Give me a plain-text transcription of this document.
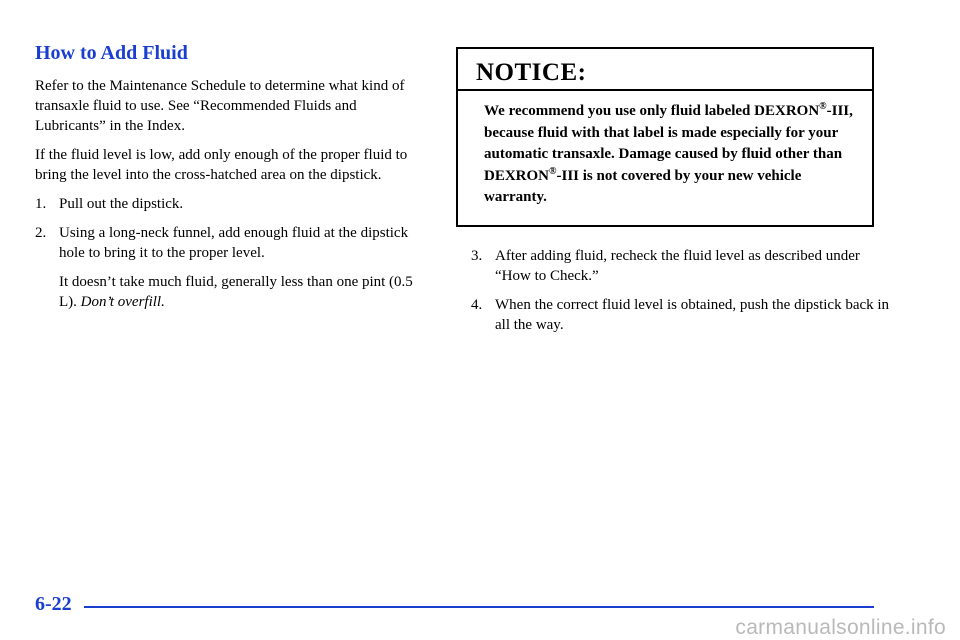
How to Add Fluid

Refer to the Maintenance Schedule to determine what kind of transaxle fluid to use. See “Recommended Fluids and Lubricants” in the Index.

If the fluid level is low, add only enough of the proper fluid to bring the level into the cross-hatched area on the dipstick.

1. Pull out the dipstick.
2. Using a long-neck funnel, add enough fluid at the dipstick hole to bring it to the proper level.

It doesn’t take much fluid, generally less than one pint (0.5 L). Don’t overfill.

NOTICE:
We recommend you use only fluid labeled DEXRON®-III, because fluid with that label is made especially for your automatic transaxle. Damage caused by fluid other than DEXRON®-III is not covered by your new vehicle warranty.
3. After adding fluid, recheck the fluid level as described under “How to Check.”
4. When the correct fluid level is obtained, push the dipstick back in all the way.
6-22
carmanualsonline.info
